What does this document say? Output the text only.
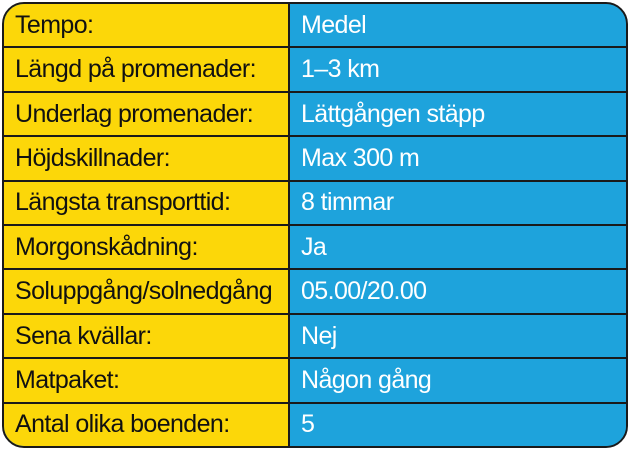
Tempo:	Medel
Längd på promenader:	1–3 km
Underlag promenader:	Lättgången stäpp
Höjdskillnader:	Max 300 m
Längsta transporttid:	8 timmar
Morgonskådning:	Ja
Soluppgång/solnedgång	05.00/20.00
Sena kvällar:	Nej
Matpaket:	Någon gång
Antal olika boenden:	5
